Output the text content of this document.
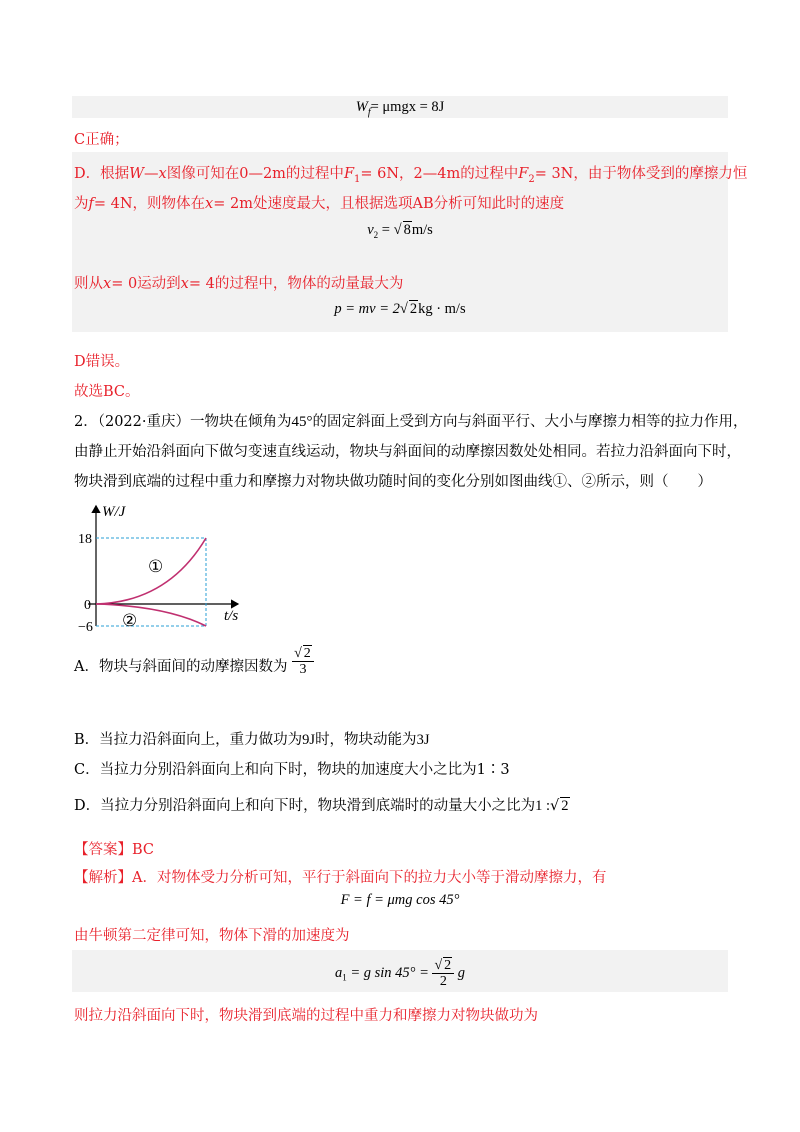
$W_f= \mu mgx = 8J$
C正确；
D．根据W—x图像可知在0—2m的过程中$F_1= 6N$，2—4m的过程中$F_2= 3N$，由于物体受到的摩擦力恒
为f= 4N，则物体在x= 2m处速度最大，且根据选项AB分析可知此时的速度
$v_2$ = √ 8m/s
则从x= 0运动到x= 4的过程中，物体的动量最大为
p = mv = 2√ 2kg · m/s
D错误。
故选BC。
2．（2022·重庆）一物块在倾角为45°的固定斜面上受到方向与斜面平行、大小与摩擦力相等的拉力作用，
由静止开始沿斜面向下做匀变速直线运动，物块与斜面间的动摩擦因数处处相同。若拉力沿斜面向下时，
物块滑到底端的过程中重力和摩擦力对物块做功随时间的变化分别如图曲线①、②所示，则（　　）
W/J
t/s
18
0
−6
①
②
A．物块与斜面间的动摩擦因数为 $\frac{√ 2}{3}$
B．当拉力沿斜面向上，重力做功为9J时，物块动能为3J
C．当拉力分别沿斜面向上和向下时，物块的加速度大小之比为1∶3
D．当拉力分别沿斜面向上和向下时，物块滑到底端时的动量大小之比为1 :√ 2
【答案】BC
【解析】A．对物体受力分析可知，平行于斜面向下的拉力大小等于滑动摩擦力，有
F = f = μmg cos 45°
由牛顿第二定律可知，物体下滑的加速度为
$a_1 = g$ $\sin 45^\circ = \frac{√ 2}{2}$ g
则拉力沿斜面向下时，物块滑到底端的过程中重力和摩擦力对物块做功为
